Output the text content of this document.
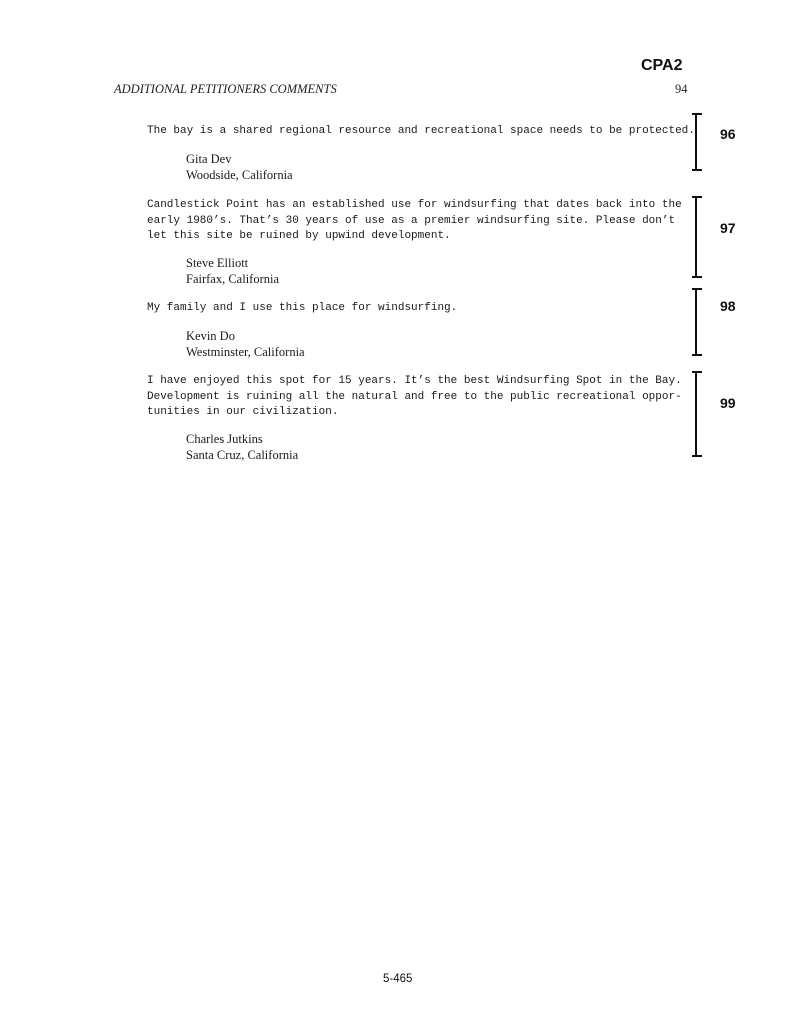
CPA2
ADDITIONAL PETITIONERS COMMENTS	94
The bay is a shared regional resource and recreational space needs to be protected.
Gita Dev
Woodside, California
96
Candlestick Point has an established use for windsurfing that dates back into the
early 1980’s. That’s 30 years of use as a premier windsurfing site. Please don’t
let this site be ruined by upwind development.
Steve Elliott
Fairfax, California
97
My family and I use this place for windsurfing.
Kevin Do
Westminster, California
98
I have enjoyed this spot for 15 years. It’s the best Windsurfing Spot in the Bay.
Development is ruining all the natural and free to the public recreational oppor-
tunities in our civilization.
Charles Jutkins
Santa Cruz, California
99
5-465
